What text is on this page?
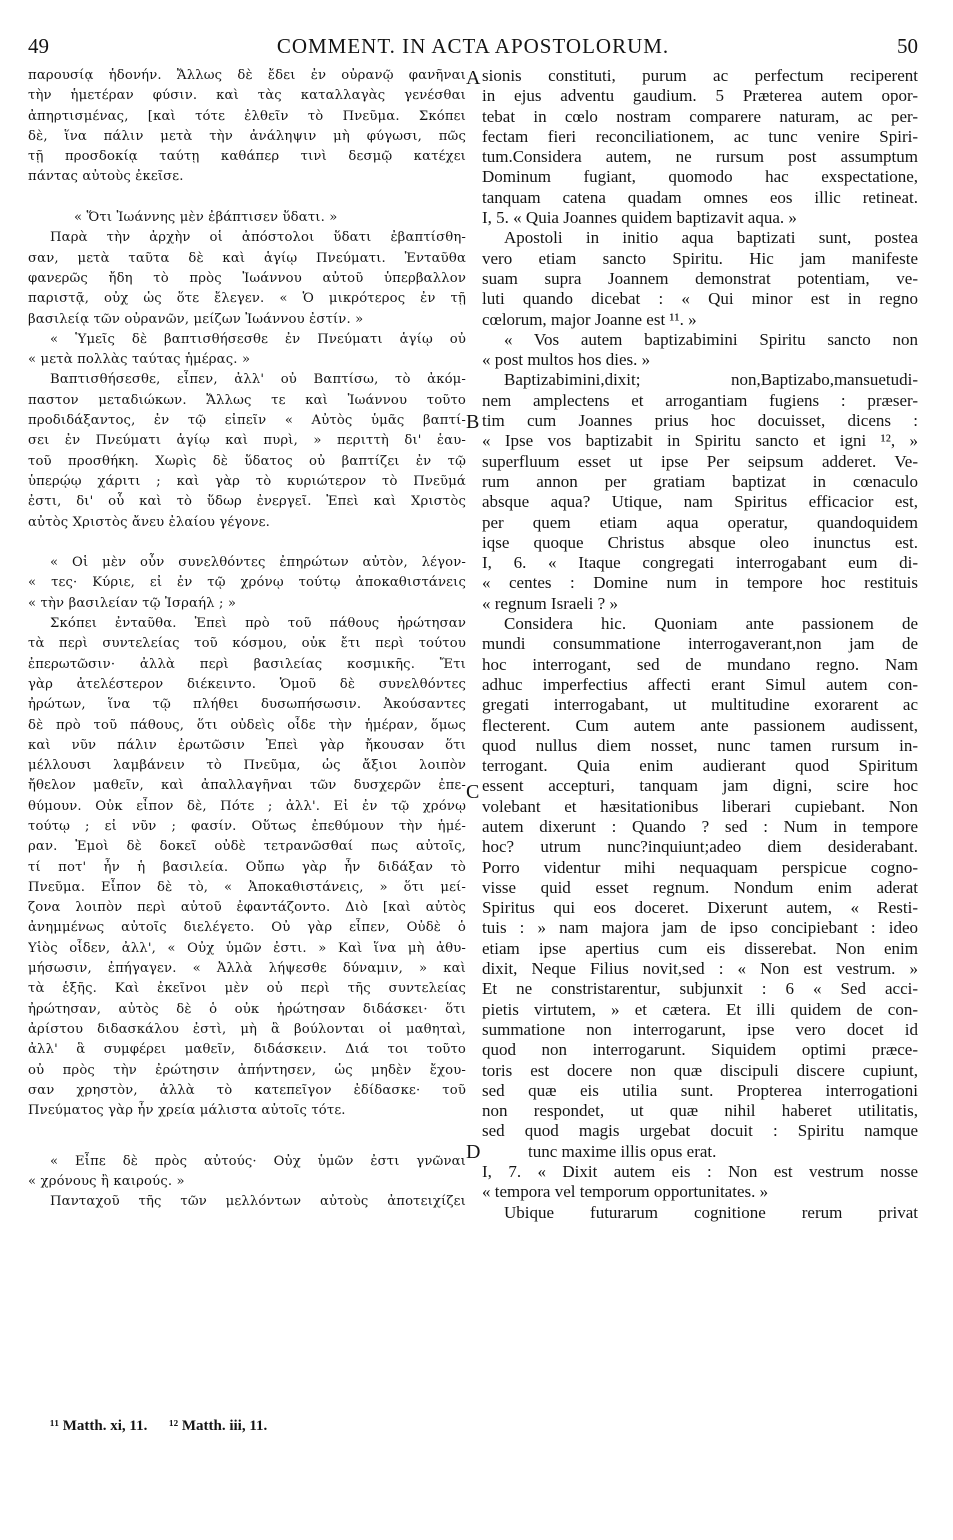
49	COMMENT. IN ACTA APOSTOLORUM.	50
παρουσίᾳ ἡδονήν. Ἄλλως δὲ ἔδει ἐν οὐρανῷ φανῆναι
τὴν ἡμετέραν φύσιν. καὶ τὰς καταλλαγὰς γενέσθαι
ἀπηρτισμένας, [καὶ τότε ἐλθεῖν τὸ Πνεῦμα. Σκόπει
δὲ, ἵνα πάλιν μετὰ τὴν ἀνάληψιν μὴ φύγωσι, πῶς
τῇ προσδοκίᾳ ταύτῃ καθάπερ τινὶ δεσμῷ κατέχει
πάντας αὐτοὺς ἐκεῖσε.
« Ὅτι Ἰωάννης μὲν ἐβάπτισεν ὕδατι. »
Παρὰ τὴν ἀρχὴν οἱ ἀπόστολοι ὕδατι ἐβαπτίσθη-
σαν, μετὰ ταῦτα δὲ καὶ ἁγίῳ Πνεύματι. Ἐνταῦθα
φανερῶς ἤδη τὸ πρὸς Ἰωάννου αὐτοῦ ὑπερβαλλον
παριστᾷ, οὐχ ὡς ὅτε ἔλεγεν. « Ὁ μικρότερος ἐν τῇ
βασιλείᾳ τῶν οὐρανῶν, μείζων Ἰωάννου ἐστίν. »
« Ὑμεῖς δὲ βαπτισθήσεσθε ἐν Πνεύματι ἁγίῳ οὐ
« μετὰ πολλὰς ταύτας ἡμέρας. »
Βαπτισθήσεσθε, εἶπεν, ἀλλ' οὐ Βαπτίσω, τὸ ἀκόμ-
παστον μεταδιώκων. Ἄλλως τε καὶ Ἰωάννου τοῦτο
προδιδάξαντος, ἐν τῷ εἰπεῖν « Αὐτὸς ὑμᾶς βαπτί-
σει ἐν Πνεύματι ἁγίῳ καὶ πυρὶ, » περιττὴ δι' ἑαυ-
τοῦ προσθήκη. Χωρὶς δὲ ὕδατος οὐ βαπτίζει ἐν τῷ
ὑπερῴῳ χάριτι ; καὶ γὰρ τὸ κυριώτερον τὸ Πνεῦμά
ἐστι, δι' οὗ καὶ τὸ ὕδωρ ἐνεργεῖ. Ἐπεὶ καὶ Χριστὸς
αὐτὸς Χριστὸς ἄνευ ἐλαίου γέγονε.
« Οἱ μὲν οὖν συνελθόντες ἐπηρώτων αὐτὸν, λέγον-
« τες· Κύριε, εἰ ἐν τῷ χρόνῳ τούτῳ ἀποκαθιστάνεις
« τὴν βασιλείαν τῷ Ἰσραήλ ; »
Σκόπει ἐνταῦθα. Ἐπεὶ πρὸ τοῦ πάθους ἠρώτησαν
τὰ περὶ συντελείας τοῦ κόσμου, οὐκ ἔτι περὶ τούτου
ἐπερωτῶσιν· ἀλλὰ περὶ βασιλείας κοσμικῆς. Ἔτι
γὰρ ἀτελέστερον διέκειντο. Ὁμοῦ δὲ συνελθόντες
ἠρώτων, ἵνα τῷ πλήθει δυσωπήσωσιν. Ἀκούσαντες
δὲ πρὸ τοῦ πάθους, ὅτι οὐδεὶς οἶδε τὴν ἡμέραν, ὅμως
καὶ νῦν πάλιν ἐρωτῶσιν Ἐπεὶ γὰρ ἤκουσαν ὅτι
μέλλουσι λαμβάνειν τὸ Πνεῦμα, ὡς ἄξιοι λοιπὸν
ἤθελον μαθεῖν, καὶ ἀπαλλαγῆναι τῶν δυσχερῶν ἐπε-
θύμουν. Οὐκ εἶπον δὲ, Πότε ; ἀλλ'. Εἰ ἐν τῷ χρόνῳ
τούτῳ ; εἰ νῦν ; φασίν. Οὕτως ἐπεθύμουν τὴν ἡμέ-
ραν. Ἐμοὶ δὲ δοκεῖ οὐδὲ τετρανῶσθαί πως αὐτοῖς,
τί ποτ' ἦν ἡ βασιλεία. Οὔπω γὰρ ἦν διδάξαν τὸ
Πνεῦμα. Εἶπον δὲ τὸ, « Ἀποκαθιστάνεις, » ὅτι μεί-
ζονα λοιπὸν περὶ αὐτοῦ ἐφαντάζοντο. Διὸ [καὶ αὐτὸς
ἀνημμένως αὐτοῖς διελέγετο. Οὐ γὰρ εἶπεν, Οὐδὲ ὁ
Υἱὸς οἶδεν, ἀλλ', « Οὐχ ὑμῶν ἐστι. » Καὶ ἵνα μὴ ἀθυ-
μήσωσιν, ἐπήγαγεν. « Ἀλλὰ λήψεσθε δύναμιν, » καὶ
τὰ ἑξῆς. Καὶ ἐκεῖνοι μὲν οὐ περὶ τῆς συντελείας
ἠρώτησαν, αὐτὸς δὲ ὁ οὐκ ἠρώτησαν διδάσκει· ὅτι
ἀρίστου διδασκάλου ἐστὶ, μὴ ἃ βούλονται οἱ μαθηταὶ,
ἀλλ' ἃ συμφέρει μαθεῖν, διδάσκειν. Διά τοι τοῦτο
οὐ πρὸς τὴν ἐρώτησιν ἀπήντησεν, ὡς μηδὲν ἔχου-
σαν χρηστὸν, ἀλλὰ τὸ κατεπεῖγον ἐδίδασκε· τοῦ
Πνεύματος γὰρ ἦν χρεία μάλιστα αὐτοῖς τότε.
« Εἶπε δὲ πρὸς αὐτούς· Οὐχ ὑμῶν ἐστι γνῶναι
« χρόνους ἢ καιρούς. »
Πανταχοῦ τῆς τῶν μελλόντων αὐτοὺς ἀποτειχίζει
sionis constituti, purum ac perfectum reciperent
in ejus adventu gaudium. 5 Præterea autem opor-
tebat in cœlo nostram comparere naturam, ac per-
fectam fieri reconciliationem, ac tunc venire Spiri-
tum.Considera autem, ne rursum post assumptum
Dominum fugiant, quomodo hac exspectatione,
tanquam catena quadam omnes eos illic retineat.
I, 5. « Quia Joannes quidem baptizavit aqua. »
Apostoli in initio aqua baptizati sunt, postea
vero etiam sancto Spiritu. Hic jam manifeste
suam supra Joannem demonstrat potentiam, ve-
luti quando dicebat : « Qui minor est in regno
cœlorum, major Joanne est ¹¹. »
« Vos autem baptizabimini Spiritu sancto non
« post multos hos dies. »
Baptizabimini,dixit; non,Baptizabo,mansuetudi-
nem amplectens et arrogantiam fugiens : præser-
tim cum Joannes prius hoc docuisset, dicens :
« Ipse vos baptizabit in Spiritu sancto et igni ¹², »
superfluum esset ut ipse Per seipsum adderet. Ve-
rum annon per gratiam baptizat in cœnaculo
absque aqua? Utique, nam Spiritus efficacior est,
per quem etiam aqua operatur, quandoquidem
iqse quoque Christus absque oleo inunctus est.
I, 6. « Itaque congregati interrogabant eum di-
« centes : Domine num in tempore hoc restituis
« regnum Israeli ? »
Considera hic. Quoniam ante passionem de
mundi consummatione interrogaverant,non jam de
hoc interrogant, sed de mundano regno. Nam
adhuc imperfectius affecti erant Simul autem con-
gregati interrogabant, ut multitudine exorarent ac
flecterent. Cum autem ante passionem audissent,
quod nullus diem nosset, nunc tamen rursum in-
terrogant. Quia enim audierant quod Spiritum
essent accepturi, tanquam jam digni, scire hoc
volebant et hæsitationibus liberari cupiebant. Non
autem dixerunt : Quando ? sed : Num in tempore
hoc? utrum nunc?inquiunt;adeo diem desiderabant.
Porro videntur mihi nequaquam perspicue cogno-
visse quid esset regnum. Nondum enim aderat
Spiritus qui eos doceret. Dixerunt autem, « Resti-
tuis : » nam majora jam de ipso concipiebant : ideo
etiam ipse apertius cum eis disserebat. Non enim
dixit, Neque Filius novit,sed : « Non est vestrum. »
Et ne constristarentur, subjunxit : 6 « Sed acci-
pietis virtutem, » et cætera. Et illi quidem de con-
summatione non interrogarunt, ipse vero docet id
quod non interrogarunt. Siquidem optimi præce-
toris est docere non quæ discipuli discere cupiunt,
sed quæ eis utilia sunt. Propterea interrogationi
non respondet, ut quæ nihil haberet utilitatis,
sed quod magis urgebat docuit : Spiritu namque
tunc maxime illis opus erat.
I, 7. « Dixit autem eis : Non est vestrum nosse
« tempora vel temporum opportunitates. »
Ubique futurarum cognitione rerum privat
A
B
C
D
¹¹ Matth. xi, 11. ¹² Matth. iii, 11.
